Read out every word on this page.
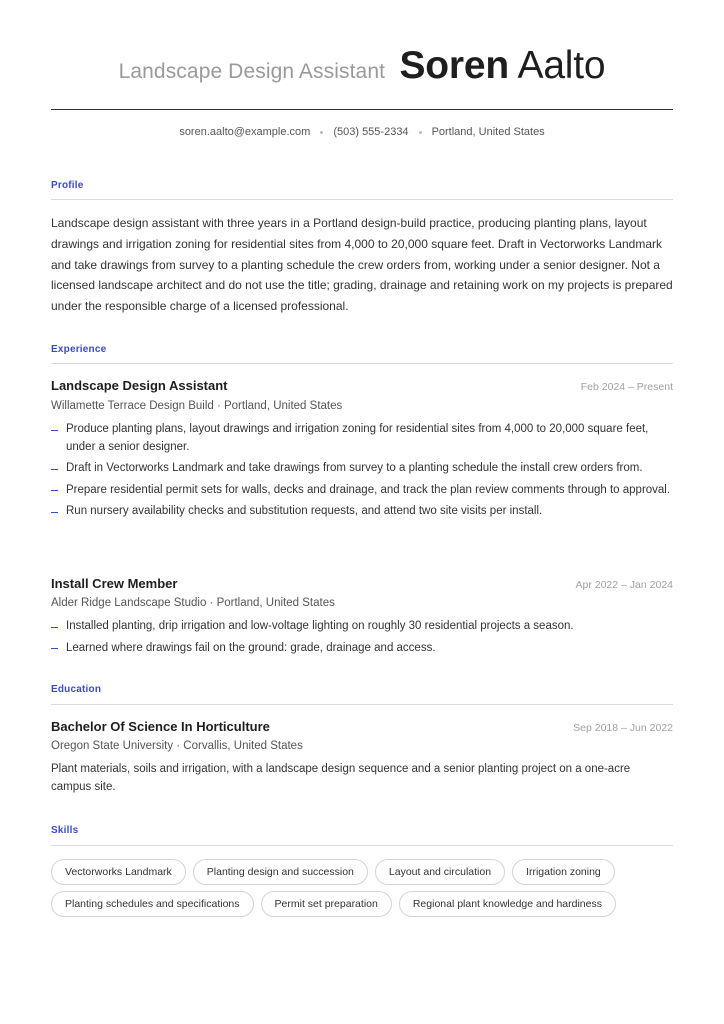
Landscape Design Assistant Soren Aalto
soren.aalto@example.com (503) 555-2334 Portland, United States
Profile
Landscape design assistant with three years in a Portland design-build practice, producing planting plans, layout drawings and irrigation zoning for residential sites from 4,000 to 20,000 square feet. Draft in Vectorworks Landmark and take drawings from survey to a planting schedule the crew orders from, working under a senior designer. Not a licensed landscape architect and do not use the title; grading, drainage and retaining work on my projects is prepared under the responsible charge of a licensed professional.
Experience
Landscape Design Assistant	Feb 2024 – Present
Willamette Terrace Design Build · Portland, United States
Produce planting plans, layout drawings and irrigation zoning for residential sites from 4,000 to 20,000 square feet, under a senior designer.
Draft in Vectorworks Landmark and take drawings from survey to a planting schedule the install crew orders from.
Prepare residential permit sets for walls, decks and drainage, and track the plan review comments through to approval.
Run nursery availability checks and substitution requests, and attend two site visits per install.
Install Crew Member	Apr 2022 – Jan 2024
Alder Ridge Landscape Studio · Portland, United States
Installed planting, drip irrigation and low-voltage lighting on roughly 30 residential projects a season.
Learned where drawings fail on the ground: grade, drainage and access.
Education
Bachelor Of Science In Horticulture	Sep 2018 – Jun 2022
Oregon State University · Corvallis, United States
Plant materials, soils and irrigation, with a landscape design sequence and a senior planting project on a one-acre campus site.
Skills
Vectorworks Landmark	Planting design and succession	Layout and circulation	Irrigation zoning
Planting schedules and specifications	Permit set preparation	Regional plant knowledge and hardiness
